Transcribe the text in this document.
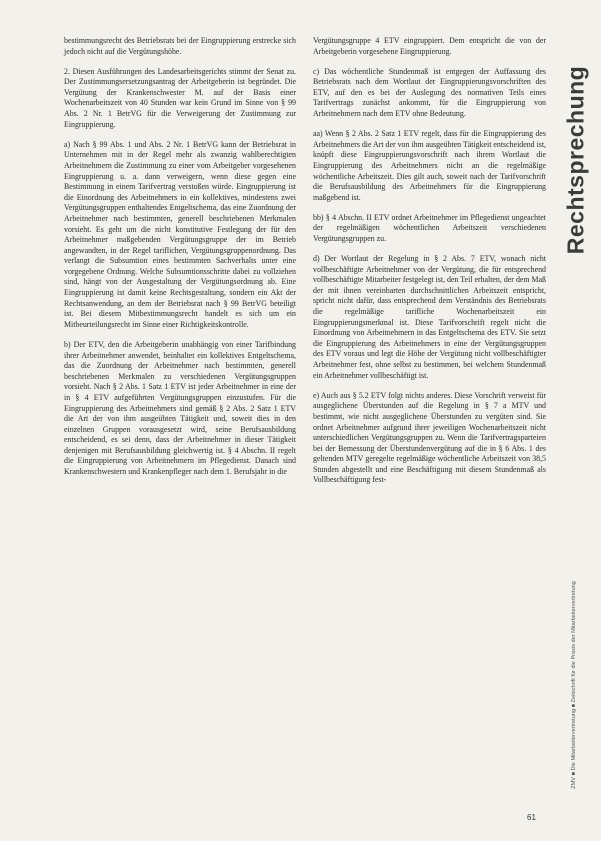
bestimmungsrecht des Betriebsrats bei der Eingruppierung erstrecke sich jedoch nicht auf die Vergütungshöhe.

2. Diesen Ausführungen des Landesarbeitsgerichts stimmt der Senat zu. Der Zustimmungsersetzungsantrag der Arbeitgeberin ist begründet. Die Vergütung der Krankenschwester M. auf der Basis einer Wochenarbeitszeit von 40 Stunden war kein Grund im Sinne von § 99 Abs. 2 Nr. 1 BetrVG für die Verweigerung der Zustimmung zur Eingruppierung.

a) Nach § 99 Abs. 1 und Abs. 2 Nr. 1 BetrVG kann der Betriebsrat in Unternehmen mit in der Regel mehr als zwanzig wahlberechtigten Arbeitnehmern die Zustimmung zu einer vom Arbeitgeber vorgesehenen Eingruppierung u. a. dann verweigern, wenn diese gegen eine Bestimmung in einem Tarifvertrag verstoßen würde. Eingruppierung ist die Einordnung des Arbeitnehmers in ein kollektives, mindestens zwei Vergütungsgruppen enthaltendes Entgeltschema, das eine Zuordnung der Arbeitnehmer nach bestimmten, generell beschriebenen Merkmalen vorsieht. Es geht um die nicht konstitutive Festlegung der für den Arbeitnehmer maßgebenden Vergütungsgruppe der im Betrieb angewandten, in der Regel tariflichen, Vergütungsgruppenordnung. Das verlangt die Subsumtion eines bestimmten Sachverhalts unter eine vorgegebene Ordnung. Welche Subsumtionsschritte dabei zu vollziehen sind, hängt von der Ausgestaltung der Vergütungsordnung ab. Eine Eingruppierung ist damit keine Rechtsgestaltung, sondern ein Akt der Rechtsanwendung, an dem der Betriebsrat nach § 99 BetrVG beteiligt ist. Bei diesem Mitbestimmungsrecht handelt es sich um ein Mitbeurteilungsrecht im Sinne einer Richtigkeitskontrolle.

b) Der ETV, den die Arbeitgeberin unabhängig von einer Tarifbindung ihrer Arbeitnehmer anwendet, beinhaltet ein kollektives Entgeltschema, das die Zuordnung der Arbeitnehmer nach bestimmten, generell beschriebenen Merkmalen zu verschiedenen Vergütungsgruppen vorsieht. Nach § 2 Abs. 1 Satz 1 ETV ist jeder Arbeitnehmer in eine der in § 4 ETV aufgeführten Vergütungsgruppen einzustufen. Für die Eingruppierung des Arbeitnehmers sind gemäß § 2 Abs. 2 Satz 1 ETV die Art der von ihm ausgeübten Tätigkeit und, soweit dies in den einzelnen Gruppen vorausgesetzt wird, seine Berufsausbildung entscheidend, es sei denn, dass der Arbeitnehmer in dieser Tätigkeit denjenigen mit Berufsausbildung gleichwertig ist. § 4 Abschn. II regelt die Eingruppierung von Arbeitnehmern im Pflegedienst. Danach sind Krankenschwestern und Krankenpfleger nach dem 1. Berufsjahr in die

Vergütungsgruppe 4 ETV eingruppiert. Dem entspricht die von der Arbeitgeberin vorgesehene Eingruppierung.

c) Das wöchentliche Stundenmaß ist entgegen der Auffassung des Betriebsrats nach dem Wortlaut der Eingruppierungsvorschriften des ETV, auf den es bei der Auslegung des normativen Teils eines Tarifvertrags zunächst ankommt, für die Eingruppierung von Arbeitnehmern nach dem ETV ohne Bedeutung.

aa) Wenn § 2 Abs. 2 Satz 1 ETV regelt, dass für die Eingruppierung des Arbeitnehmers die Art der von ihm ausgeübten Tätigkeit entscheidend ist, knüpft diese Eingruppierungsvorschrift nach ihrem Wortlaut die Eingruppierung des Arbeitnehmers nicht an die regelmäßige wöchentliche Arbeitszeit. Dies gilt auch, soweit nach der Tarifvorschrift die Berufsausbildung des Arbeitnehmers für die Eingruppierung maßgebend ist.

bb) § 4 Abschn. II ETV ordnet Arbeitnehmer im Pflegedienst ungeachtet der regelmäßigen wöchentlichen Arbeitszeit verschiedenen Vergütungsgruppen zu.

d) Der Wortlaut der Regelung in § 2 Abs. 7 ETV, wonach nicht vollbeschäftigte Arbeitnehmer von der Vergütung, die für entsprechend vollbeschäftigte Mitarbeiter festgelegt ist, den Teil erhalten, der dem Maß der mit ihnen vereinbarten durchschnittlichen Arbeitszeit entspricht, spricht nicht dafür, dass entsprechend dem Verständnis des Betriebsrats die regelmäßige tarifliche Wochenarbeitszeit ein Eingruppierungsmerkmal ist. Diese Tarifvorschrift regelt nicht die Einordnung von Arbeitnehmern in das Entgeltschema des ETV. Sie setzt die Eingruppierung des Arbeitnehmers in eine der Vergütungsgruppen des ETV voraus und legt die Höhe der Vergütung nicht vollbeschäftigter Arbeitnehmer fest, ohne selbst zu bestimmen, bei welchem Stundenmaß ein Arbeitnehmer vollbeschäftigt ist.

e) Auch aus § 5.2 ETV folgt nichts anderes. Diese Vorschrift verweist für ausgeglichene Überstunden auf die Regelung in § 7 a MTV und bestimmt, wie nicht ausgeglichene Überstunden zu vergüten sind. Sie ordnet Arbeitnehmer aufgrund ihrer jeweiligen Wochenarbeitszeit nicht unterschiedlichen Vergütungsgruppen zu. Wenn die Tarifvertragsparteien bei der Bemessung der Überstundenvergütung auf die in § 6 Abs. 1 des geltenden MTV geregelte regelmäßige wöchentliche Arbeitszeit von 38,5 Stunden abgestellt und eine Beschäftigung mit diesem Stundenmaß als Vollbeschäftigung fest-

Rechtsprechung
ZMV ■ Die Mitarbeitervertretung ■ Zeitschrift für die Praxis der Mitarbeitervertretung
61
